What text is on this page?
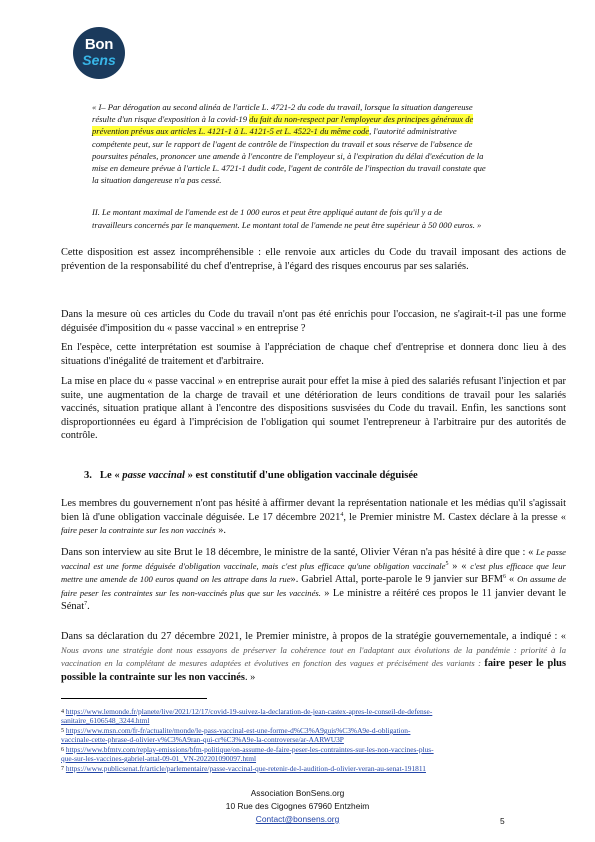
Bon
Sens
« I– Par dérogation au second alinéa de l'article L. 4721-2 du code du travail, lorsque la situation dangereuse
résulte d'un risque d'exposition à la covid-19 du fait du non-respect par l'employeur des principes généraux de
prévention prévus aux articles L. 4121-1 à L. 4121-5 et L. 4522-1 du même code, l'autorité administrative
compétente peut, sur le rapport de l'agent de contrôle de l'inspection du travail et sous réserve de l'absence de
poursuites pénales, prononcer une amende à l'encontre de l'employeur si, à l'expiration du délai d'exécution de la
mise en demeure prévue à l'article L. 4721-1 dudit code, l'agent de contrôle de l'inspection du travail constate que
la situation dangereuse n'a pas cessé.
II. Le montant maximal de l'amende est de 1 000 euros et peut être appliqué autant de fois qu'il y a de
travailleurs concernés par le manquement. Le montant total de l'amende ne peut être supérieur à 50 000 euros. »
Cette disposition est assez incompréhensible : elle renvoie aux articles du Code du travail imposant des actions de prévention de la responsabilité du chef d'entreprise, à l'égard des risques encourus par ses salariés.
Dans la mesure où ces articles du Code du travail n'ont pas été enrichis pour l'occasion, ne s'agirait-t-il pas une forme déguisée d'imposition du « passe vaccinal » en entreprise ?
En l'espèce, cette interprétation est soumise à l'appréciation de chaque chef d'entreprise et donnera donc lieu à des situations d'inégalité de traitement et d'arbitraire.
La mise en place du « passe vaccinal » en entreprise aurait pour effet la mise à pied des salariés refusant l'injection et par suite, une augmentation de la charge de travail et une détérioration de leurs conditions de travail pour les salariés vaccinés, situation pratique allant à l'encontre des dispositions susvisées du Code du travail. Enfin, les sanctions sont disproportionnées eu égard à l'imprécision de l'obligation qui soumet l'entrepreneur à l'arbitraire pur des autorités de contrôle.
3. Le « passe vaccinal » est constitutif d'une obligation vaccinale déguisée
Les membres du gouvernement n'ont pas hésité à affirmer devant la représentation nationale et les médias qu'il s'agissait bien là d'une obligation vaccinale déguisée. Le 17 décembre 2021$^4$, le Premier ministre M. Castex déclare à la presse « faire peser la contrainte sur les non vaccinés ».
Dans son interview au site Brut le 18 décembre, le ministre de la santé, Olivier Véran n'a pas hésité à dire que : « Le passe vaccinal est une forme déguisée d'obligation vaccinale, mais c'est plus efficace qu'une obligation vaccinale$^5$ » « c'est plus efficace que leur mettre une amende de 100 euros quand on les attrape dans la rue». Gabriel Attal, porte-parole le 9 janvier sur BFM$^6$ « On assume de faire peser les contraintes sur les non-vaccinés plus que sur les vaccinés. » Le ministre a réitéré ces propos le 11 janvier devant le Sénat$^7$.
Dans sa déclaration du 27 décembre 2021, le Premier ministre, à propos de la stratégie gouvernementale, a indiqué : « Nous avons une stratégie dont nous essayons de préserver la cohérence tout en l'adaptant aux évolutions de la pandémie : priorité à la vaccination en la complétant de mesures adaptées et évolutives en fonction des vagues et précisément des variants : faire peser le plus possible la contrainte sur les non vaccinés. »
$^4$ https://www.lemonde.fr/planete/live/2021/12/17/covid-19-suivez-la-declaration-de-jean-castex-apres-le-conseil-de-defense-
sanitaire_6106548_3244.html
$^5$ https://www.msn.com/fr-fr/actualite/monde/le-pass-vaccinal-est-une-forme-d%C3%A9guis%C3%A9e-d-obligation-
vaccinale-cette-phrase-d-olivier-v%C3%A9ran-qui-cr%C3%A9e-la-controverse/ar-AARWU3P
$^6$ https://www.bfmtv.com/replay-emissions/bfm-politique/on-assume-de-faire-peser-les-contraintes-sur-les-non-vaccines-plus-
que-sur-les-vaccines-gabriel-attal-09-01_VN-202201090097.html
$^7$ https://www.publicsenat.fr/article/parlementaire/passe-vaccinal-que-retenir-de-l-audition-d-olivier-veran-au-senat-191811
Association BonSens.org
10 Rue des Cigognes 67960 Entzheim
Contact@bonsens.org	5
